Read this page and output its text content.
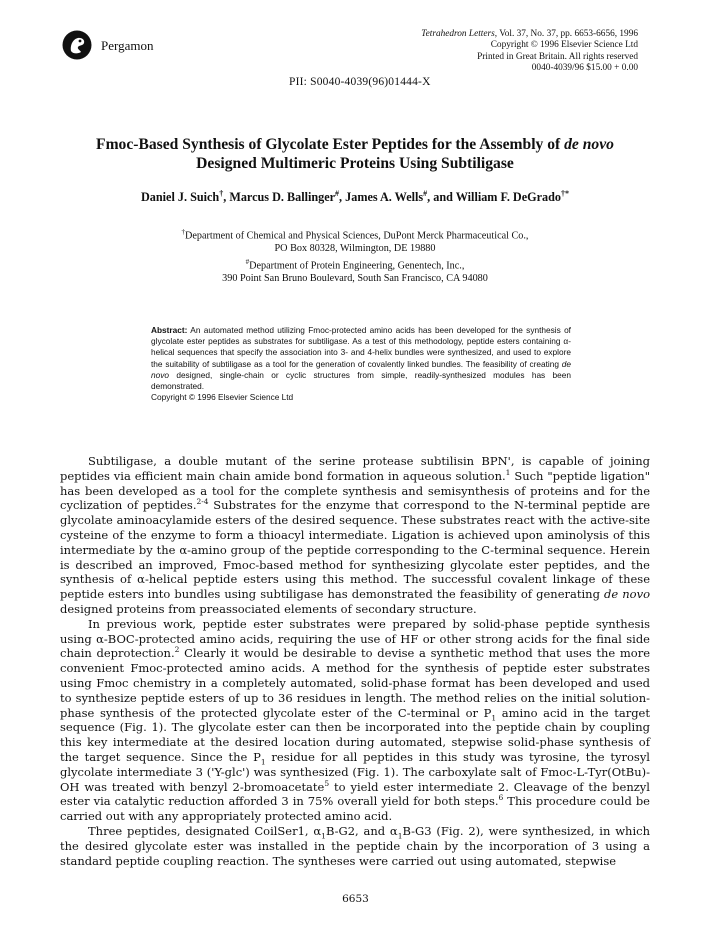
Pergamon
Tetrahedron Letters, Vol. 37, No. 37, pp. 6653-6656, 1996
Copyright © 1996 Elsevier Science Ltd
Printed in Great Britain. All rights reserved
0040-4039/96 $15.00 + 0.00
PII: S0040-4039(96)01444-X
Fmoc-Based Synthesis of Glycolate Ester Peptides for the Assembly of de novo
Designed Multimeric Proteins Using Subtiligase
Daniel J. Suich†, Marcus D. Ballinger#, James A. Wells#, and William F. DeGrado†*
†Department of Chemical and Physical Sciences, DuPont Merck Pharmaceutical Co.,
PO Box 80328, Wilmington, DE 19880
#Department of Protein Engineering, Genentech, Inc.,
390 Point San Bruno Boulevard, South San Francisco, CA 94080
Abstract: An automated method utilizing Fmoc-protected amino acids has been developed for the synthesis of glycolate ester peptides as substrates for subtiligase. As a test of this methodology, peptide esters containing α-helical sequences that specify the association into 3- and 4-helix bundles were synthesized, and used to explore the suitability of subtiligase as a tool for the generation of covalently linked bundles. The feasibility of creating de novo designed, single-chain or cyclic structures from simple, readily-synthesized modules has been demonstrated.
Copyright © 1996 Elsevier Science Ltd

Subtiligase, a double mutant of the serine protease subtilisin BPN', is capable of joining peptides via efficient main chain amide bond formation in aqueous solution.$^1$ Such "peptide ligation" has been developed as a tool for the complete synthesis and semisynthesis of proteins and for the cyclization of peptides.$^{2-4}$ Substrates for the enzyme that correspond to the N-terminal peptide are glycolate aminoacylamide esters of the desired sequence. These substrates react with the active-site cysteine of the enzyme to form a thioacyl intermediate. Ligation is achieved upon aminolysis of this intermediate by the α-amino group of the peptide corresponding to the C-terminal sequence. Herein is described an improved, Fmoc-based method for synthesizing glycolate ester peptides, and the synthesis of α-helical peptide esters using this method. The successful covalent linkage of these peptide esters into bundles using subtiligase has demonstrated the feasibility of generating de novo designed proteins from preassociated elements of secondary structure.

In previous work, peptide ester substrates were prepared by solid-phase peptide synthesis using α-BOC-protected amino acids, requiring the use of HF or other strong acids for the final side chain deprotection.$^2$ Clearly it would be desirable to devise a synthetic method that uses the more convenient Fmoc-protected amino acids. A method for the synthesis of peptide ester substrates using Fmoc chemistry in a completely automated, solid-phase format has been developed and used to synthesize peptide esters of up to 36 residues in length. The method relies on the initial solution-phase synthesis of the protected glycolate ester of the C-terminal or $P_1$ amino acid in the target sequence (Fig. 1). The glycolate ester can then be incorporated into the peptide chain by coupling this key intermediate at the desired location during automated, stepwise solid-phase synthesis of the target sequence. Since the $P_1$ residue for all peptides in this study was tyrosine, the tyrosyl glycolate intermediate 3 ('Y-glc') was synthesized (Fig. 1). The carboxylate salt of Fmoc-L-Tyr(OtBu)-OH was treated with benzyl 2-bromoacetate$^5$ to yield ester intermediate 2. Cleavage of the benzyl ester via catalytic reduction afforded 3 in 75% overall yield for both steps.$^6$ This procedure could be carried out with any appropriately protected amino acid.

Three peptides, designated CoilSer1, $\alpha_1B-G2$, and $\alpha_1B-G3$ (Fig. 2), were synthesized, in which the desired glycolate ester was installed in the peptide chain by the incorporation of 3 using a standard peptide coupling reaction. The syntheses were carried out using automated, stepwise

6653
